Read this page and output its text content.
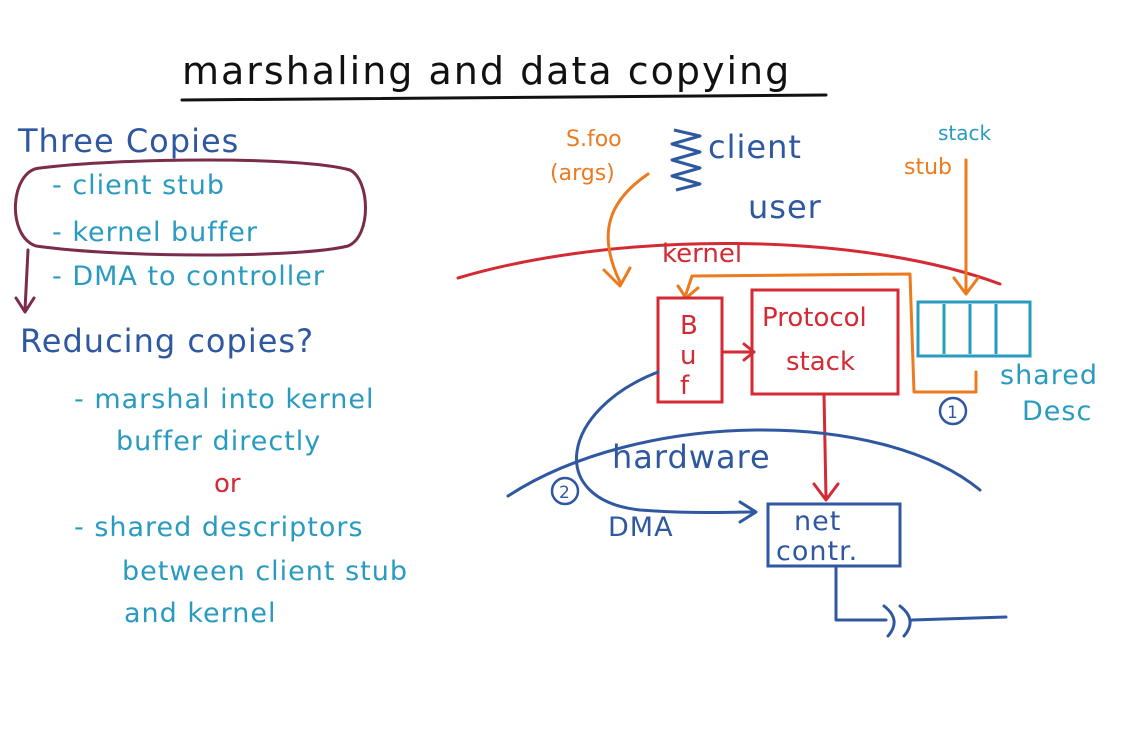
marshaling and data copying
Three Copies
- client stub
- kernel buffer
- DMA to controller
Reducing copies?
- marshal into kernel
buffer directly
or
- shared descriptors
between client stub
and kernel
S.foo
(args)
client	stack
stub
user
kernel
B
u
f
Protocol
stack	shared
Desc
1
hardware
DMA
2
net
contr.
